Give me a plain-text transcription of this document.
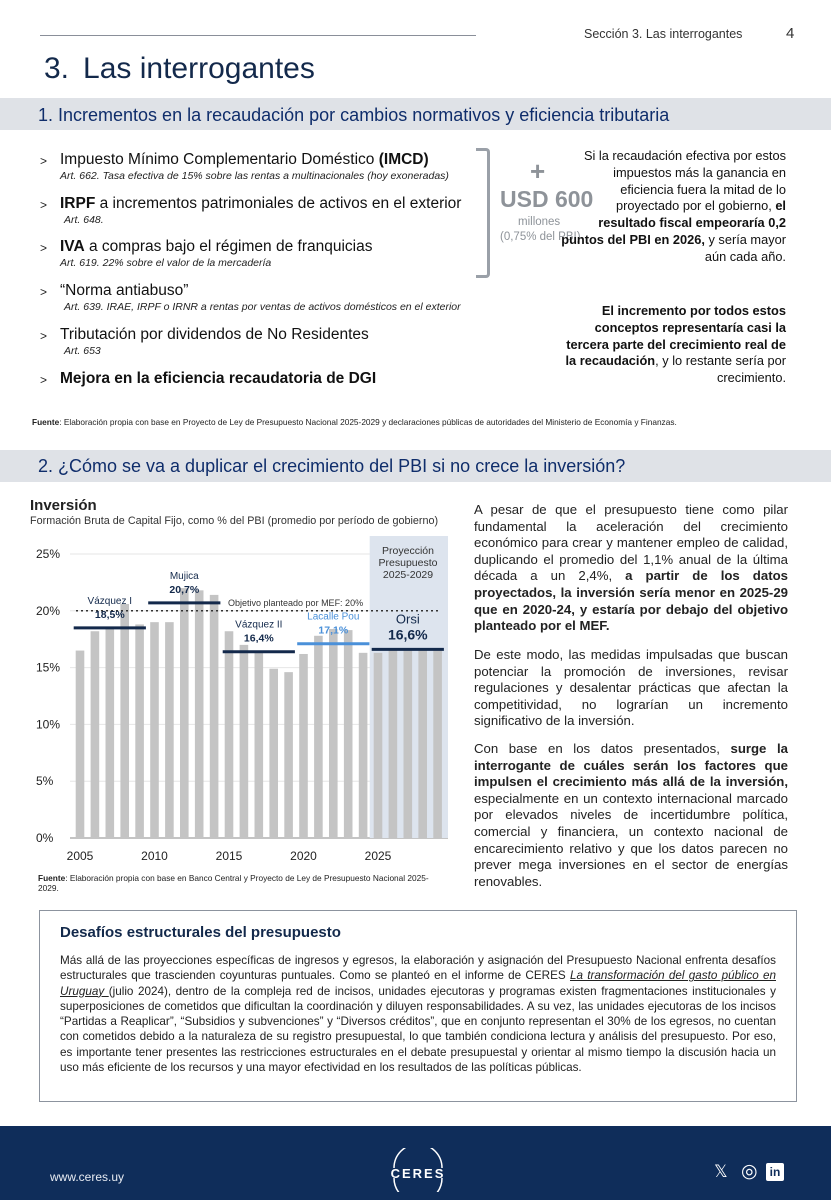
Sección 3. Las interrogantes	4
3. Las interrogantes
1. Incrementos en la recaudación por cambios normativos y eficiencia tributaria
> Impuesto Mínimo Complementario Doméstico (IMCD)
Art. 662. Tasa efectiva de 15% sobre las rentas a multinacionales (hoy exoneradas)
> IRPF a incrementos patrimoniales de activos en el exterior
Art. 648.
> IVA a compras bajo el régimen de franquicias
Art. 619. 22% sobre el valor de la mercadería
> “Norma antiabuso”
Art. 639. IRAE, IRPF o IRNR a rentas por ventas de activos domésticos en el exterior
> Tributación por dividendos de No Residentes
Art. 653
> Mejora en la eficiencia recaudatoria de DGI
+
USD 600
millones
(0,75% del PBI)
Si la recaudación efectiva por estos impuestos más la ganancia en eficiencia fuera la mitad de lo proyectado por el gobierno, el resultado fiscal empeoraría 0,2 puntos del PBI en 2026, y sería mayor aún cada año.
El incremento por todos estos conceptos representaría casi la tercera parte del crecimiento real de la recaudación, y lo restante sería por crecimiento.
Fuente: Elaboración propia con base en Proyecto de Ley de Presupuesto Nacional 2025-2029 y declaraciones públicas de autoridades del Ministerio de Economía y Finanzas.
2. ¿Cómo se va a duplicar el crecimiento del PBI si no crece la inversión?
Inversión
Formación Bruta de Capital Fijo, como % del PBI (promedio por período de gobierno)
0%
5%
10%
15%
20%
25%	Proyección
Presupuesto
2025-2029
2005	2010	2015	2020	2025
Objetivo planteado por MEF: 20%
Vázquez I
18,5%
Mujica
20,7%
Vázquez II
16,4%
Lacalle Pou
17,1%
Orsi
16,6%
Fuente: Elaboración propia con base en Banco Central y Proyecto de Ley de Presupuesto Nacional 2025-2029.
A pesar de que el presupuesto tiene como pilar fundamental la aceleración del crecimiento económico para crear y mantener empleo de calidad, duplicando el promedio del 1,1% anual de la última década a un 2,4%, a partir de los datos proyectados, la inversión sería menor en 2025-29 que en 2020-24, y estaría por debajo del objetivo planteado por el MEF.
De este modo, las medidas impulsadas que buscan potenciar la promoción de inversiones, revisar regulaciones y desalentar prácticas que afectan la competitividad, no lograrían un incremento significativo de la inversión.
Con base en los datos presentados, surge la interrogante de cuáles serán los factores que impulsen el crecimiento más allá de la inversión, especialmente en un contexto internacional marcado por elevados niveles de incertidumbre política, comercial y financiera, un contexto nacional de encarecimiento relativo y que los datos parecen no prever mega inversiones en el sector de energías renovables.
Desafíos estructurales del presupuesto
Más allá de las proyecciones específicas de ingresos y egresos, la elaboración y asignación del Presupuesto Nacional enfrenta desafíos estructurales que trascienden coyunturas puntuales. Como se planteó en el informe de CERES La transformación del gasto público en Uruguay (julio 2024), dentro de la compleja red de incisos, unidades ejecutoras y programas existen fragmentaciones institucionales y superposiciones de cometidos que dificultan la coordinación y diluyen responsabilidades. A su vez, las unidades ejecutoras de los incisos “Partidas a Reaplicar”, “Subsidios y subvenciones” y “Diversos créditos”, que en conjunto representan el 30% de los egresos, no cuentan con cometidos debido a la naturaleza de su registro presupuestal, lo que también condiciona lectura y análisis del presupuesto. Por eso, es importante tener presentes las restricciones estructurales en el debate presupuestal y orientar al mismo tiempo la discusión hacia un uso más eficiente de los recursos y una mayor efectividad en los resultados de las políticas públicas.
www.ceres.uy	CERES	𝕏 ◎	in
